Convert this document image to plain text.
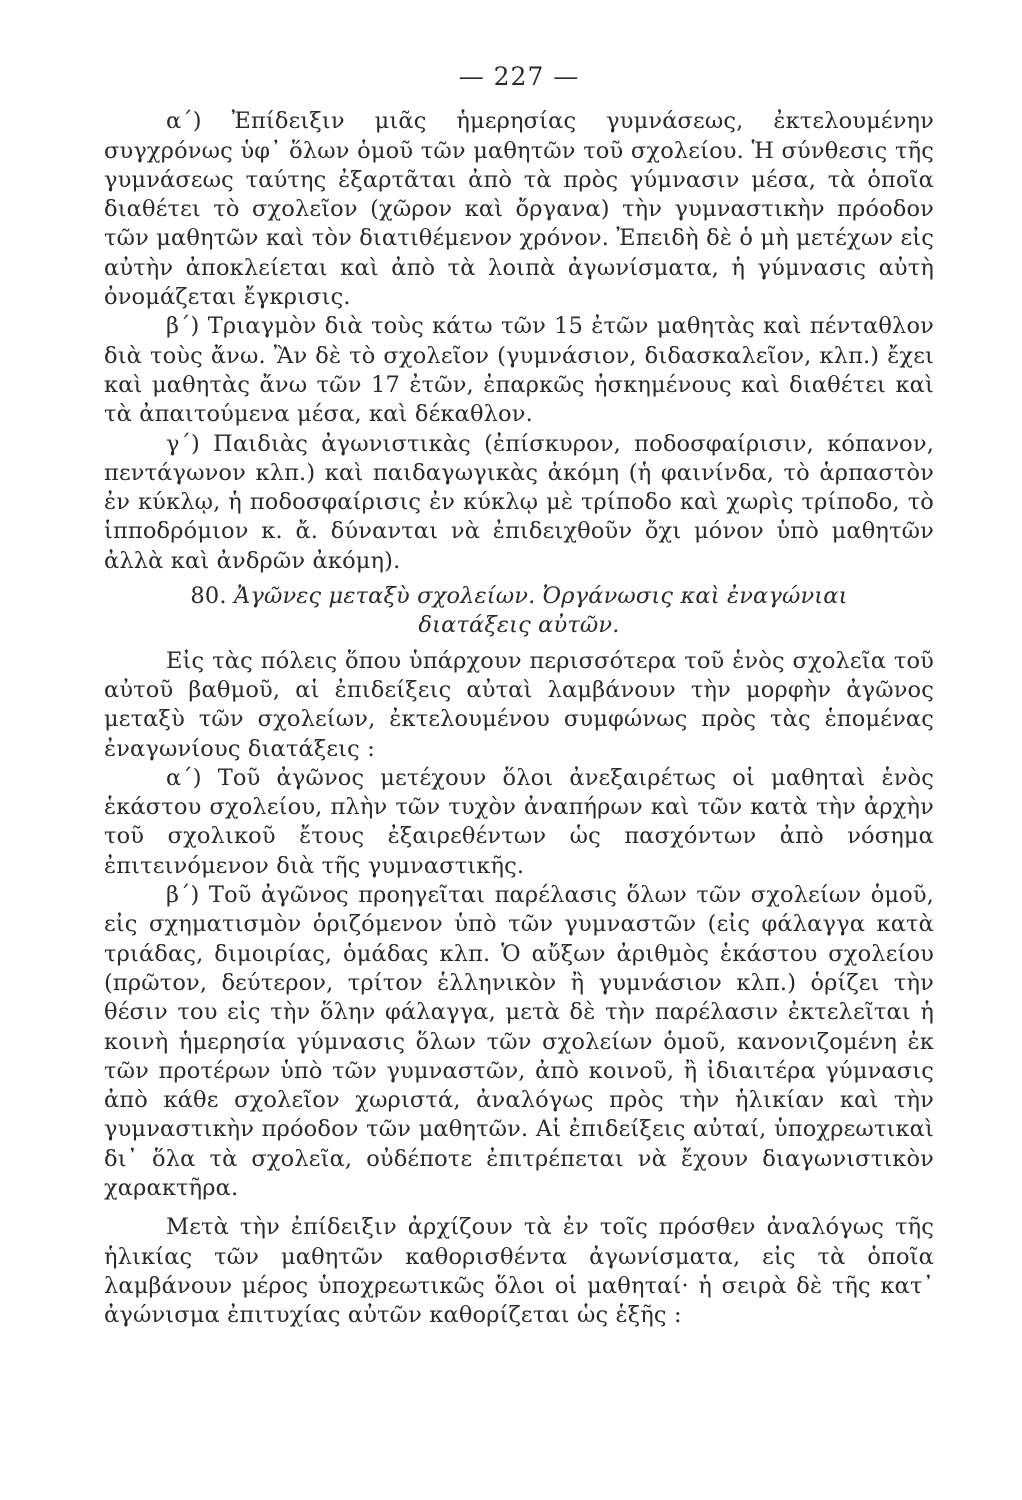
— 227 —

α΄) Ἐπίδειξιν μιᾶς ἡμερησίας γυμνάσεως, ἐκτελουμένην συγχρόνως ὑφ᾽ ὅλων ὁμοῦ τῶν μαθητῶν τοῦ σχολείου. Ἡ σύνθεσις τῆς γυμνάσεως ταύτης ἐξαρτᾶται ἀπὸ τὰ πρὸς γύμνασιν μέσα, τὰ ὁποῖα διαθέτει τὸ σχολεῖον (χῶρον καὶ ὄργανα) τὴν γυμναστικὴν πρόοδον τῶν μαθητῶν καὶ τὸν διατιθέμενον χρόνον. Ἐπειδὴ δὲ ὁ μὴ μετέχων εἰς αὐτὴν ἀποκλείεται καὶ ἀπὸ τὰ λοιπὰ ἀγωνίσματα, ἡ γύμνασις αὐτὴ ὀνομάζεται ἔγκρισις.

β΄) Τριαγμὸν διὰ τοὺς κάτω τῶν 15 ἐτῶν μαθητὰς καὶ πένταθλον διὰ τοὺς ἄνω. Ἂν δὲ τὸ σχολεῖον (γυμνάσιον, διδασκαλεῖον, κλπ.) ἔχει καὶ μαθητὰς ἄνω τῶν 17 ἐτῶν, ἐπαρκῶς ἠσκημένους καὶ διαθέτει καὶ τὰ ἀπαιτούμενα μέσα, καὶ δέκαθλον.

γ΄) Παιδιὰς ἀγωνιστικὰς (ἐπίσκυρον, ποδοσφαίρισιν, κόπανον, πεντάγωνον κλπ.) καὶ παιδαγωγικὰς ἀκόμη (ἡ φαινίνδα, τὸ ἁρπαστὸν ἐν κύκλῳ, ἡ ποδοσφαίρισις ἐν κύκλῳ μὲ τρίποδο καὶ χωρὶς τρίποδο, τὸ ἱπποδρόμιον κ. ἄ. δύνανται νὰ ἐπιδειχθοῦν ὄχι μόνον ὑπὸ μαθητῶν ἀλλὰ καὶ ἀνδρῶν ἀκόμη).

80. Ἀγῶνες μεταξὺ σχολείων. Ὀργάνωσις καὶ ἐναγώνιαι

διατάξεις αὐτῶν.

Εἰς τὰς πόλεις ὅπου ὑπάρχουν περισσότερα τοῦ ἑνὸς σχολεῖα τοῦ αὐτοῦ βαθμοῦ, αἱ ἐπιδείξεις αὐταὶ λαμβάνουν τὴν μορφὴν ἀγῶνος μεταξὺ τῶν σχολείων, ἐκτελουμένου συμφώνως πρὸς τὰς ἑπομένας ἐναγωνίους διατάξεις :

α΄) Τοῦ ἀγῶνος μετέχουν ὅλοι ἀνεξαιρέτως οἱ μαθηταὶ ἑνὸς ἑκάστου σχολείου, πλὴν τῶν τυχὸν ἀναπήρων καὶ τῶν κατὰ τὴν ἀρχὴν τοῦ σχολικοῦ ἔτους ἐξαιρεθέντων ὡς πασχόντων ἀπὸ νόσημα ἐπιτεινόμενον διὰ τῆς γυμναστικῆς.

β΄) Τοῦ ἀγῶνος προηγεῖται παρέλασις ὅλων τῶν σχολείων ὁμοῦ, εἰς σχηματισμὸν ὁριζόμενον ὑπὸ τῶν γυμναστῶν (εἰς φάλαγγα κατὰ τριάδας, διμοιρίας, ὁμάδας κλπ. Ὁ αὔξων ἀριθμὸς ἑκάστου σχολείου (πρῶτον, δεύτερον, τρίτον ἑλληνικὸν ἢ γυμνάσιον κλπ.) ὁρίζει τὴν θέσιν του εἰς τὴν ὅλην φάλαγγα, μετὰ δὲ τὴν παρέλασιν ἐκτελεῖται ἡ κοινὴ ἡμερησία γύμνασις ὅλων τῶν σχολείων ὁμοῦ, κανονιζομένη ἐκ τῶν προτέρων ὑπὸ τῶν γυμναστῶν, ἀπὸ κοινοῦ, ἢ ἰδιαιτέρα γύμνασις ἀπὸ κάθε σχολεῖον χωριστά, ἀναλόγως πρὸς τὴν ἡλικίαν καὶ τὴν γυμναστικὴν πρόοδον τῶν μαθητῶν. Αἱ ἐπιδείξεις αὐταί, ὑποχρεωτικαὶ δι᾽ ὅλα τὰ σχολεῖα, οὐδέποτε ἐπιτρέπεται νὰ ἔχουν διαγωνιστικὸν χαρακτῆρα.

Μετὰ τὴν ἐπίδειξιν ἀρχίζουν τὰ ἐν τοῖς πρόσθεν ἀναλόγως τῆς ἡλικίας τῶν μαθητῶν καθορισθέντα ἀγωνίσματα, εἰς τὰ ὁποῖα λαμβάνουν μέρος ὑποχρεωτικῶς ὅλοι οἱ μαθηταί· ἡ σειρὰ δὲ τῆς κατ᾽ ἀγώνισμα ἐπιτυχίας αὐτῶν καθορίζεται ὡς ἑξῆς :
